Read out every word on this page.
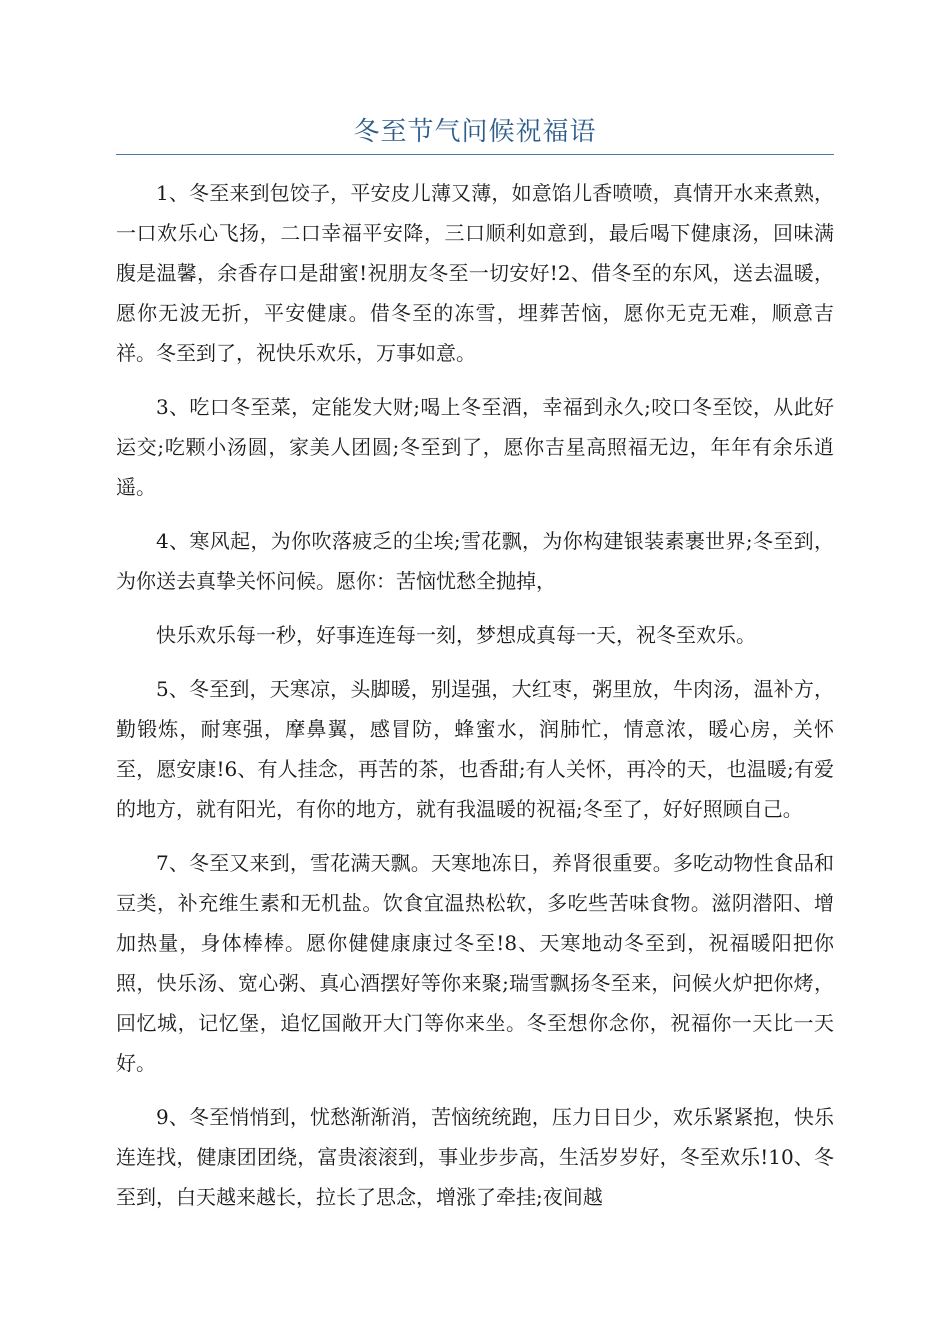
冬至节气问候祝福语

1、冬至来到包饺子，平安皮儿薄又薄，如意馅儿香喷喷，真情开水来煮熟，一口欢乐心飞扬，二口幸福平安降，三口顺利如意到，最后喝下健康汤，回味满腹是温馨，余香存口是甜蜜!祝朋友冬至一切安好!2、借冬至的东风，送去温暖，愿你无波无折，平安健康。借冬至的冻雪，埋葬苦恼，愿你无克无难，顺意吉祥。冬至到了，祝快乐欢乐，万事如意。

3、吃口冬至菜，定能发大财;喝上冬至酒，幸福到永久;咬口冬至饺，从此好运交;吃颗小汤圆，家美人团圆;冬至到了，愿你吉星高照福无边，年年有余乐逍遥。

4、寒风起，为你吹落疲乏的尘埃;雪花飘，为你构建银装素裹世界;冬至到，为你送去真挚关怀问候。愿你：苦恼忧愁全抛掉，

快乐欢乐每一秒，好事连连每一刻，梦想成真每一天，祝冬至欢乐。

5、冬至到，天寒凉，头脚暖，别逞强，大红枣，粥里放，牛肉汤，温补方，勤锻炼，耐寒强，摩鼻翼，感冒防，蜂蜜水，润肺忙，情意浓，暖心房，关怀至，愿安康!6、有人挂念，再苦的茶，也香甜;有人关怀，再冷的天，也温暖;有爱的地方，就有阳光，有你的地方，就有我温暖的祝福;冬至了，好好照顾自己。

7、冬至又来到，雪花满天飘。天寒地冻日，养肾很重要。多吃动物性食品和豆类，补充维生素和无机盐。饮食宜温热松软，多吃些苦味食物。滋阴潜阳、增加热量，身体棒棒。愿你健健康康过冬至!8、天寒地动冬至到，祝福暖阳把你照，快乐汤、宽心粥、真心酒摆好等你来聚;瑞雪飘扬冬至来，问候火炉把你烤，回忆城，记忆堡，追忆国敞开大门等你来坐。冬至想你念你，祝福你一天比一天好。

9、冬至悄悄到，忧愁渐渐消，苦恼统统跑，压力日日少，欢乐紧紧抱，快乐连连找，健康团团绕，富贵滚滚到，事业步步高，生活岁岁好，冬至欢乐!10、冬至到，白天越来越长，拉长了思念，增涨了牵挂;夜间越
